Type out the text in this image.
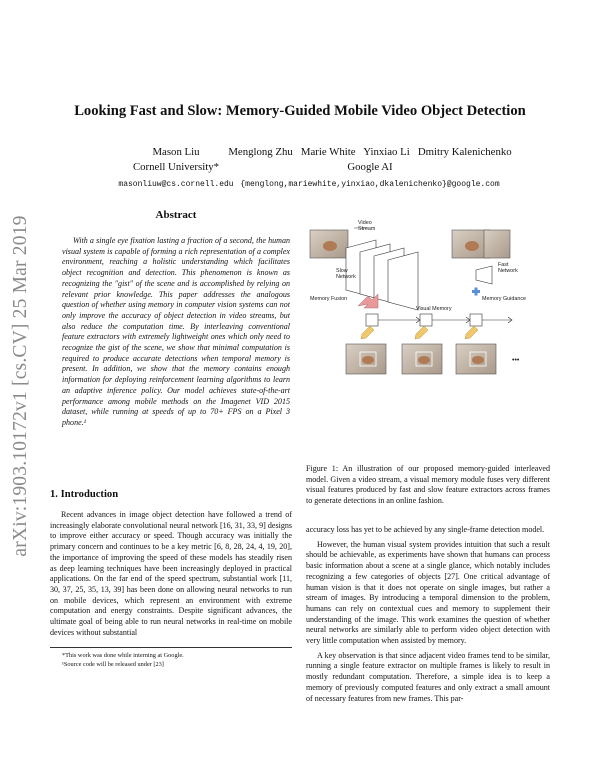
arXiv:1903.10172v1 [cs.CV] 25 Mar 2019
Looking Fast and Slow: Memory-Guided Mobile Video Object Detection
Mason Liu
Cornell University*
masonliuw@cs.cornell.edu
Menglong Zhu   Marie White   Yinxiao Li   Dmitry Kalenichenko
Google AI
{menglong,mariewhite,yinxiao,dkalenichenko}@google.com
Abstract

With a single eye fixation lasting a fraction of a second, the human visual system is capable of forming a rich representation of a complex environment, reaching a holistic understanding which facilitates object recognition and detection. This phenomenon is known as recognizing the "gist" of the scene and is accomplished by relying on relevant prior knowledge. This paper addresses the analogous question of whether using memory in computer vision systems can not only improve the accuracy of object detection in video streams, but also reduce the computation time. By interleaving conventional feature extractors with extremely lightweight ones which only need to recognize the gist of the scene, we show that minimal computation is required to produce accurate detections when temporal memory is present. In addition, we show that the memory contains enough information for deploying reinforcement learning algorithms to learn an adaptive inference policy. Our model achieves state-of-the-art performance among mobile methods on the Imagenet VID 2015 dataset, while running at speeds of up to 70+ FPS on a Pixel 3 phone.¹

1. Introduction

Recent advances in image object detection have followed a trend of increasingly elaborate convolutional neural network [16, 31, 33, 9] designs to improve either accuracy or speed. Though accuracy was initially the primary concern and continues to be a key metric [6, 8, 28, 24, 4, 19, 20], the importance of improving the speed of these models has steadily risen as deep learning techniques have been increasingly deployed in practical applications. On the far end of the speed spectrum, substantial work [11, 30, 37, 25, 35, 13, 39] has been done on allowing neural networks to run on mobile devices, which represent an environment with extreme computation and energy constraints. Despite significant advances, the ultimate goal of being able to run neural networks in real-time on mobile devices without substantial

*This work was done while interning at Google.
¹Source code will be released under [23]
Video Stream
Slow Network
Fast Network
Memory Fusion
Visual Memory
Memory Guidance
•••

Figure 1: An illustration of our proposed memory-guided interleaved model. Given a video stream, a visual memory module fuses very different visual features produced by fast and slow feature extractors across frames to generate detections in an online fashion.

accuracy loss has yet to be achieved by any single-frame detection model.

However, the human visual system provides intuition that such a result should be achievable, as experiments have shown that humans can process basic information about a scene at a single glance, which notably includes recognizing a few categories of objects [27]. One critical advantage of human vision is that it does not operate on single images, but rather a stream of images. By introducing a temporal dimension to the problem, humans can rely on contextual cues and memory to supplement their understanding of the image. This work examines the question of whether neural networks are similarly able to perform video object detection with very little computation when assisted by memory.

A key observation is that since adjacent video frames tend to be similar, running a single feature extractor on multiple frames is likely to result in mostly redundant computation. Therefore, a simple idea is to keep a memory of previously computed features and only extract a small amount of necessary features from new frames. This par-
